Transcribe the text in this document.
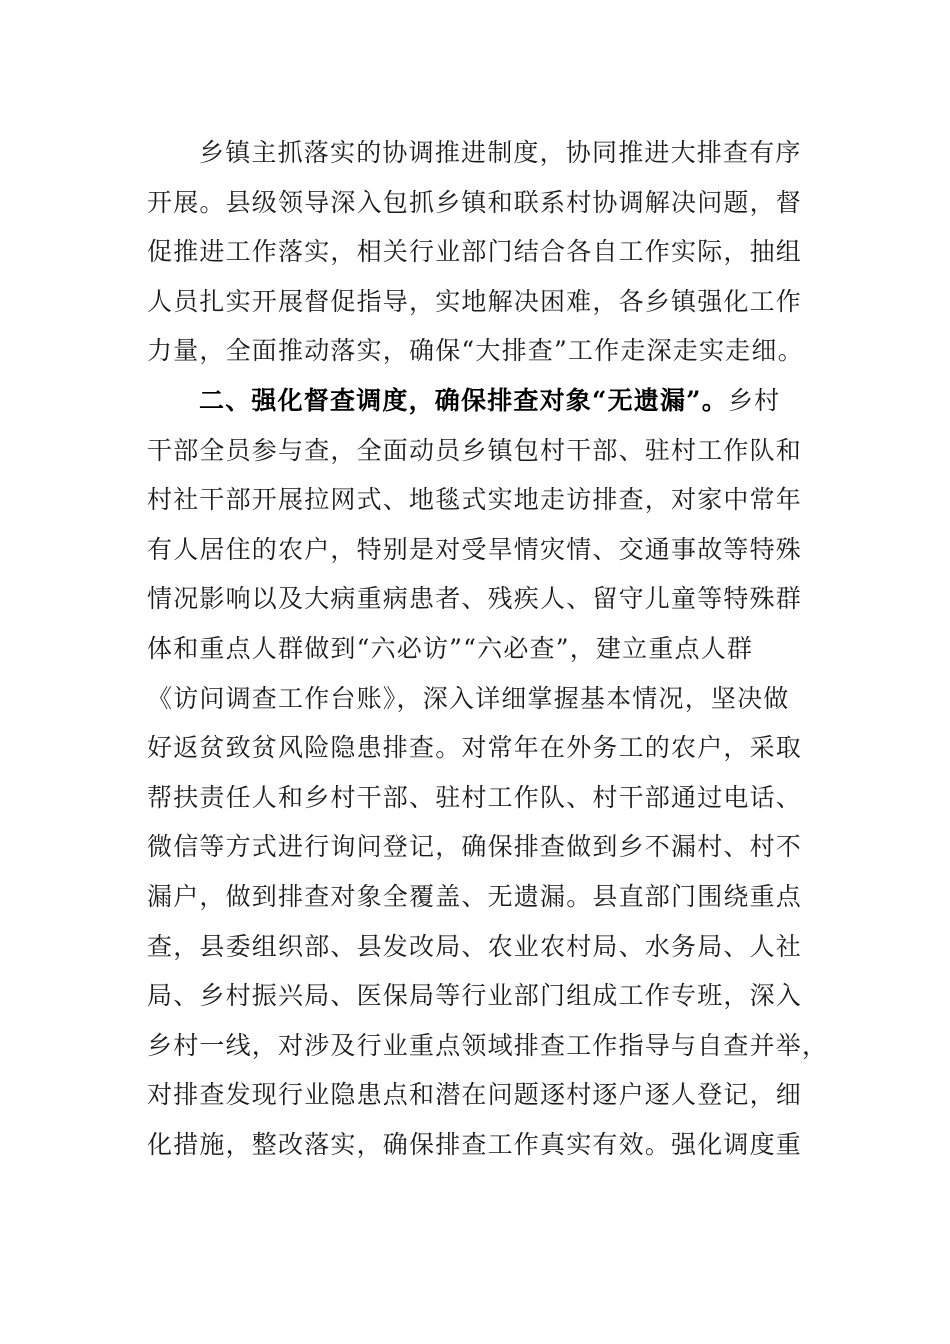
乡镇主抓落实的协调推进制度，协同推进大排查有序
开展。县级领导深入包抓乡镇和联系村协调解决问题，督
促推进工作落实，相关行业部门结合各自工作实际，抽组
人员扎实开展督促指导，实地解决困难，各乡镇强化工作
力量，全面推动落实，确保“大排查”工作走深走实走细。
二、强化督查调度，确保排查对象“无遗漏”。乡村
干部全员参与查，全面动员乡镇包村干部、驻村工作队和
村社干部开展拉网式、地毯式实地走访排查，对家中常年
有人居住的农户，特别是对受旱情灾情、交通事故等特殊
情况影响以及大病重病患者、残疾人、留守儿童等特殊群
体和重点人群做到“六必访”“六必查”，建立重点人群
《访问调查工作台账》，深入详细掌握基本情况，坚决做
好返贫致贫风险隐患排查。对常年在外务工的农户，采取
帮扶责任人和乡村干部、驻村工作队、村干部通过电话、
微信等方式进行询问登记，确保排查做到乡不漏村、村不
漏户，做到排查对象全覆盖、无遗漏。县直部门围绕重点
查，县委组织部、县发改局、农业农村局、水务局、人社
局、乡村振兴局、医保局等行业部门组成工作专班，深入
乡村一线，对涉及行业重点领域排查工作指导与自查并举，
对排查发现行业隐患点和潜在问题逐村逐户逐人登记，细
化措施，整改落实，确保排查工作真实有效。强化调度重
